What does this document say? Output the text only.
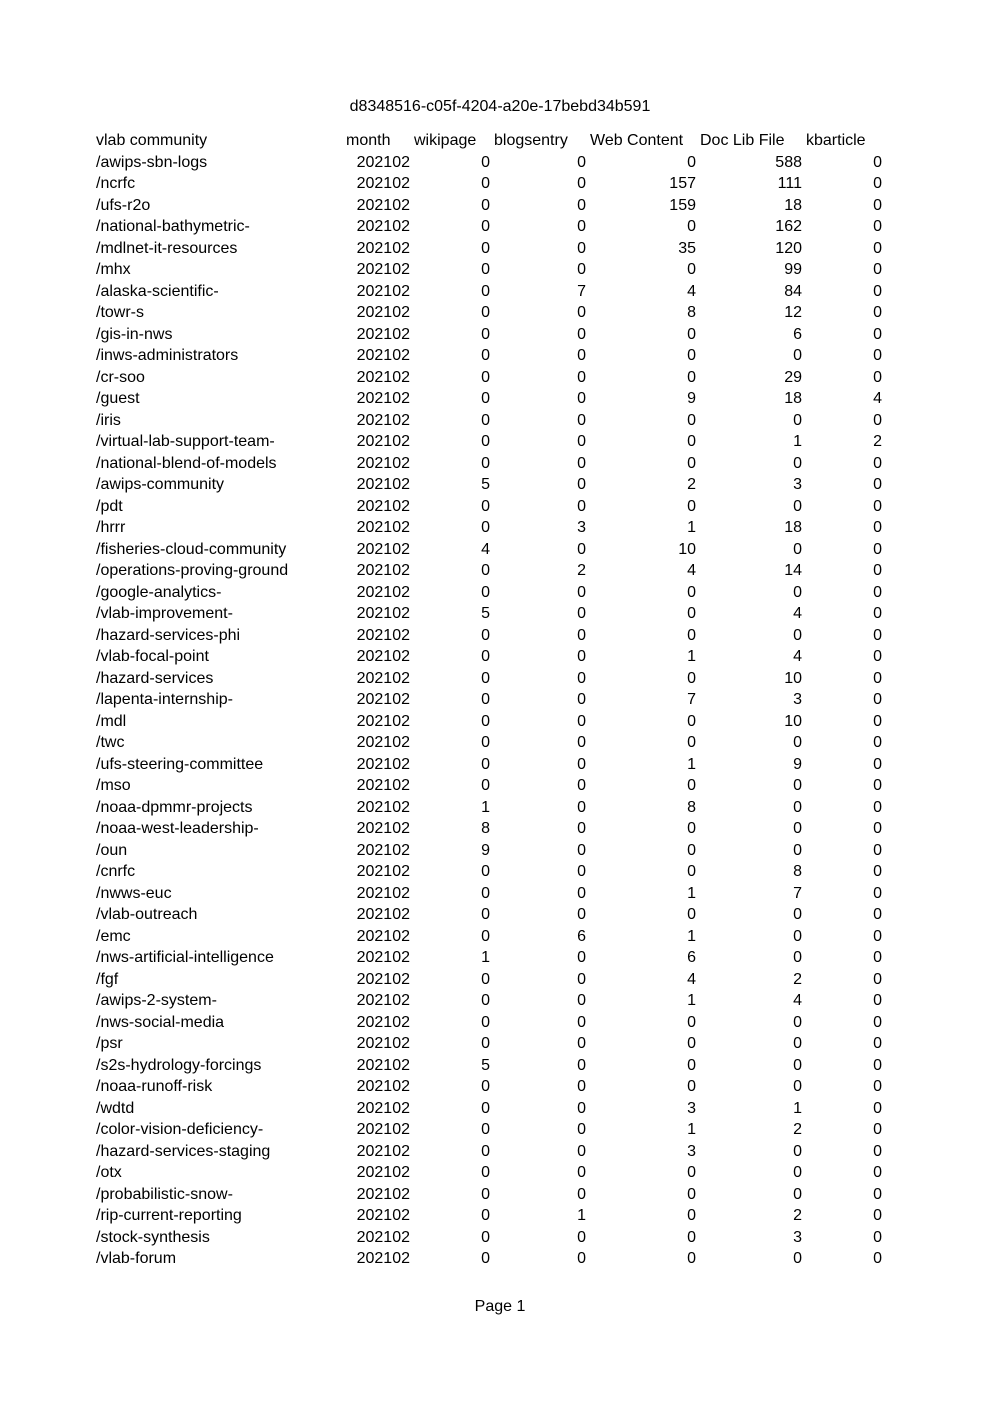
d8348516-c05f-4204-a20e-17bebd34b591
vlab community	month	wikipage	blogsentry	Web Content	Doc Lib File	kbarticle
/awips-sbn-logs	202102	0	0	0	588	0
/ncrfc	202102	0	0	157	111	0
/ufs-r2o	202102	0	0	159	18	0
/national-bathymetric-	202102	0	0	0	162	0
/mdlnet-it-resources	202102	0	0	35	120	0
/mhx	202102	0	0	0	99	0
/alaska-scientific-	202102	0	7	4	84	0
/towr-s	202102	0	0	8	12	0
/gis-in-nws	202102	0	0	0	6	0
/inws-administrators	202102	0	0	0	0	0
/cr-soo	202102	0	0	0	29	0
/guest	202102	0	0	9	18	4
/iris	202102	0	0	0	0	0
/virtual-lab-support-team-	202102	0	0	0	1	2
/national-blend-of-models	202102	0	0	0	0	0
/awips-community	202102	5	0	2	3	0
/pdt	202102	0	0	0	0	0
/hrrr	202102	0	3	1	18	0
/fisheries-cloud-community	202102	4	0	10	0	0
/operations-proving-ground	202102	0	2	4	14	0
/google-analytics-	202102	0	0	0	0	0
/vlab-improvement-	202102	5	0	0	4	0
/hazard-services-phi	202102	0	0	0	0	0
/vlab-focal-point	202102	0	0	1	4	0
/hazard-services	202102	0	0	0	10	0
/lapenta-internship-	202102	0	0	7	3	0
/mdl	202102	0	0	0	10	0
/twc	202102	0	0	0	0	0
/ufs-steering-committee	202102	0	0	1	9	0
/mso	202102	0	0	0	0	0
/noaa-dpmmr-projects	202102	1	0	8	0	0
/noaa-west-leadership-	202102	8	0	0	0	0
/oun	202102	9	0	0	0	0
/cnrfc	202102	0	0	0	8	0
/nwws-euc	202102	0	0	1	7	0
/vlab-outreach	202102	0	0	0	0	0
/emc	202102	0	6	1	0	0
/nws-artificial-intelligence	202102	1	0	6	0	0
/fgf	202102	0	0	4	2	0
/awips-2-system-	202102	0	0	1	4	0
/nws-social-media	202102	0	0	0	0	0
/psr	202102	0	0	0	0	0
/s2s-hydrology-forcings	202102	5	0	0	0	0
/noaa-runoff-risk	202102	0	0	0	0	0
/wdtd	202102	0	0	3	1	0
/color-vision-deficiency-	202102	0	0	1	2	0
/hazard-services-staging	202102	0	0	3	0	0
/otx	202102	0	0	0	0	0
/probabilistic-snow-	202102	0	0	0	0	0
/rip-current-reporting	202102	0	1	0	2	0
/stock-synthesis	202102	0	0	0	3	0
/vlab-forum	202102	0	0	0	0	0
Page 1
